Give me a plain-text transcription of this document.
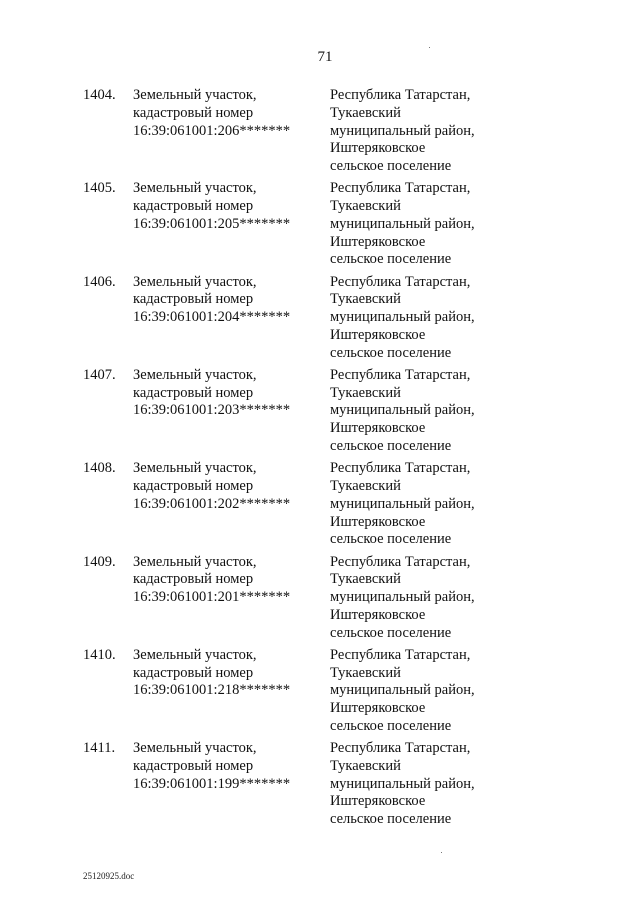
71
1404. Земельный участок,
кадастровый номер
16:39:061001:206*******
Республика Татарстан,
Тукаевский
муниципальный район,
Иштеряковское
сельское поселение
1405. Земельный участок,
кадастровый номер
16:39:061001:205*******
Республика Татарстан,
Тукаевский
муниципальный район,
Иштеряковское
сельское поселение
1406. Земельный участок,
кадастровый номер
16:39:061001:204*******
Республика Татарстан,
Тукаевский
муниципальный район,
Иштеряковское
сельское поселение
1407. Земельный участок,
кадастровый номер
16:39:061001:203*******
Республика Татарстан,
Тукаевский
муниципальный район,
Иштеряковское
сельское поселение
1408. Земельный участок,
кадастровый номер
16:39:061001:202*******
Республика Татарстан,
Тукаевский
муниципальный район,
Иштеряковское
сельское поселение
1409. Земельный участок,
кадастровый номер
16:39:061001:201*******
Республика Татарстан,
Тукаевский
муниципальный район,
Иштеряковское
сельское поселение
1410. Земельный участок,
кадастровый номер
16:39:061001:218*******
Республика Татарстан,
Тукаевский
муниципальный район,
Иштеряковское
сельское поселение
1411. Земельный участок,
кадастровый номер
16:39:061001:199*******
Республика Татарстан,
Тукаевский
муниципальный район,
Иштеряковское
сельское поселение
25120925.doc
